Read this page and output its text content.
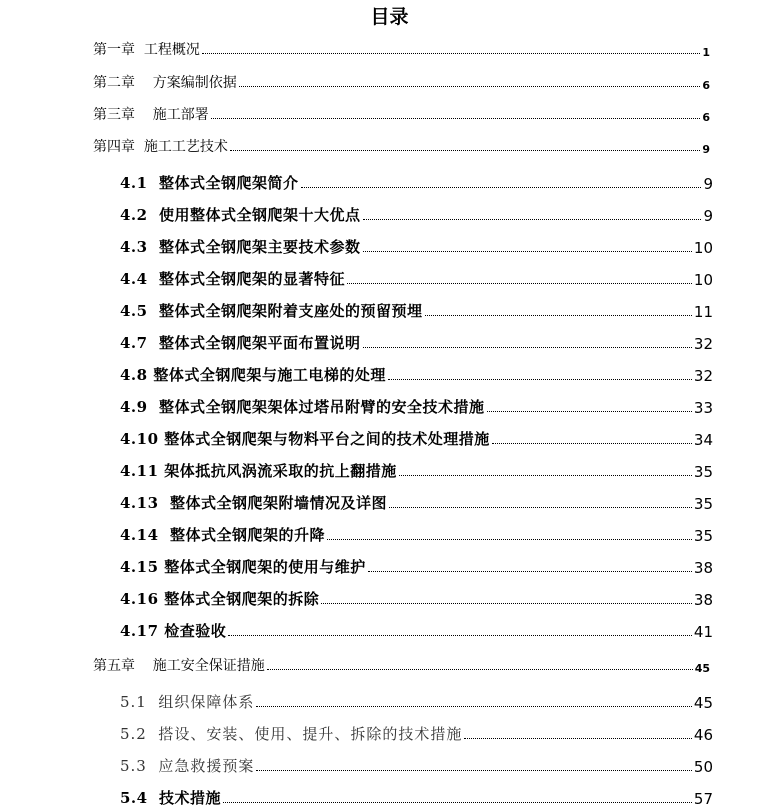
目录
第一章  工程概况	1
第二章    方案编制依据	6
第三章    施工部署	6
第四章  施工工艺技术	9
4.1  整体式全钢爬架简介	9
4.2  使用整体式全钢爬架十大优点	9
4.3  整体式全钢爬架主要技术参数	10
4.4  整体式全钢爬架的显著特征	10
4.5  整体式全钢爬架附着支座处的预留预埋	11
4.7  整体式全钢爬架平面布置说明	32
4.8 整体式全钢爬架与施工电梯的处理	32
4.9  整体式全钢爬架架体过塔吊附臂的安全技术措施	33
4.10 整体式全钢爬架与物料平台之间的技术处理措施	34
4.11 架体抵抗风涡流采取的抗上翻措施	35
4.13  整体式全钢爬架附墙情况及详图	35
4.14  整体式全钢爬架的升降	35
4.15 整体式全钢爬架的使用与维护	38
4.16 整体式全钢爬架的拆除	38
4.17 检查验收	41
第五章    施工安全保证措施	45
5.1  组织保障体系	45
5.2  搭设、安装、使用、提升、拆除的技术措施	46
5.3  应急救援预案	50
5.4  技术措施	57
